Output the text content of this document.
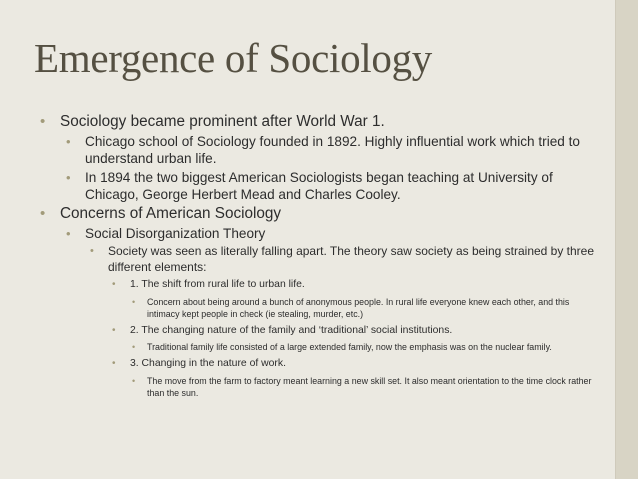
Emergence of Sociology
• Sociology became prominent after World War 1.
• Chicago school of Sociology founded in 1892. Highly influential work which tried to understand urban life.
• In 1894 the two biggest American Sociologists began teaching at University of Chicago, George Herbert Mead and Charles Cooley.
• Concerns of American Sociology
• Social Disorganization Theory
• Society was seen as literally falling apart. The theory saw society as being strained by three different elements:
• 1. The shift from rural life to urban life.
• Concern about being around a bunch of anonymous people. In rural life everyone knew each other, and this intimacy kept people in check (ie stealing, murder, etc.)
• 2. The changing nature of the family and ‘traditional’ social institutions.
• Traditional family life consisted of a large extended family, now the emphasis was on the nuclear family.
• 3. Changing in the nature of work.
• The move from the farm to factory meant learning a new skill set. It also meant orientation to the time clock rather than the sun.
